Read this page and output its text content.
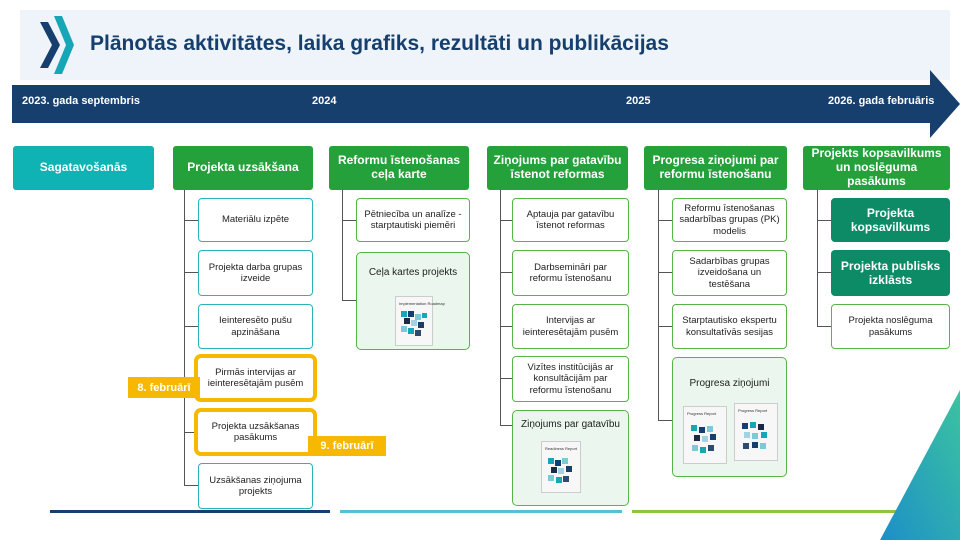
Plānotās aktivitātes, laika grafiks, rezultāti un publikācijas
2023. gada septembris	2024	2025	2026. gada februāris
Sagatavošanās	Projekta uzsākšana	Reformu īstenošanas ceļa karte
Ziņojums par gatavību īstenot reformas
Progresa ziņojumi par reformu īstenošanu
Projekts kopsavilkums un noslēguma pasākums
Materiālu izpēte
Projekta darba grupas izveide
Ieinteresēto pušu apzināšana
Pirmās intervijas ar ieinteresētajām pusēm
Projekta uzsākšanas pasākums
Uzsākšanas ziņojuma projekts
8. februārī
9. februārī
Pētniecība un analīze - starptautiski piemēri
Ceļa kartes projekts
Implementation Roadmap
Aptauja par gatavību īstenot reformas
Darbsemināri par reformu īstenošanu
Intervijas ar ieinteresētajām pusēm
Vizītes institūcijās ar konsultācijām par reformu īstenošanu
Ziņojums par gatavību
Readiness Report
Reformu īstenošanas sadarbības grupas (PK) modelis
Sadarbības grupas izveidošana un testēšana
Starptautisko ekspertu konsultatīvās sesijas
Progresa ziņojumi
Progress Report
Progress Report
Projekta kopsavilkums
Projekta publisks izklāsts
Projekta noslēguma pasākums
